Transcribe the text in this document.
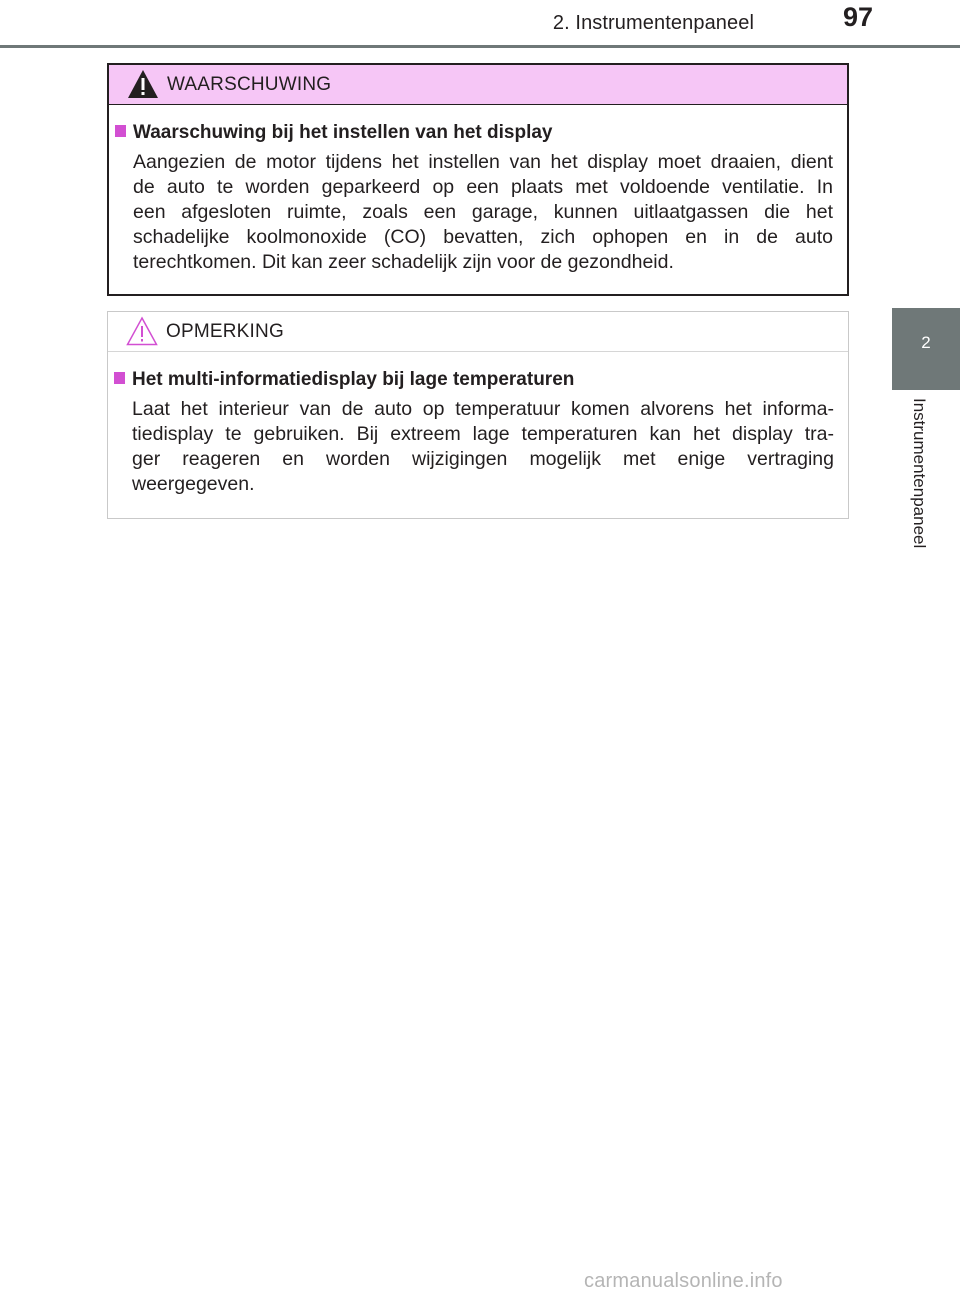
2. Instrumentenpaneel	97
2
Instrumentenpaneel
WAARSCHUWING
Waarschuwing bij het instellen van het display
Aangezien de motor tijdens het instellen van het display moet draaien, dient
de auto te worden geparkeerd op een plaats met voldoende ventilatie. In
een afgesloten ruimte, zoals een garage, kunnen uitlaatgassen die het
schadelijke koolmonoxide (CO) bevatten, zich ophopen en in de auto
terechtkomen. Dit kan zeer schadelijk zijn voor de gezondheid.
OPMERKING
Het multi-informatiedisplay bij lage temperaturen
Laat het interieur van de auto op temperatuur komen alvorens het informa-
tiedisplay te gebruiken. Bij extreem lage temperaturen kan het display tra-
ger reageren en worden wijzigingen mogelijk met enige vertraging
weergegeven.
carmanualsonline.info
